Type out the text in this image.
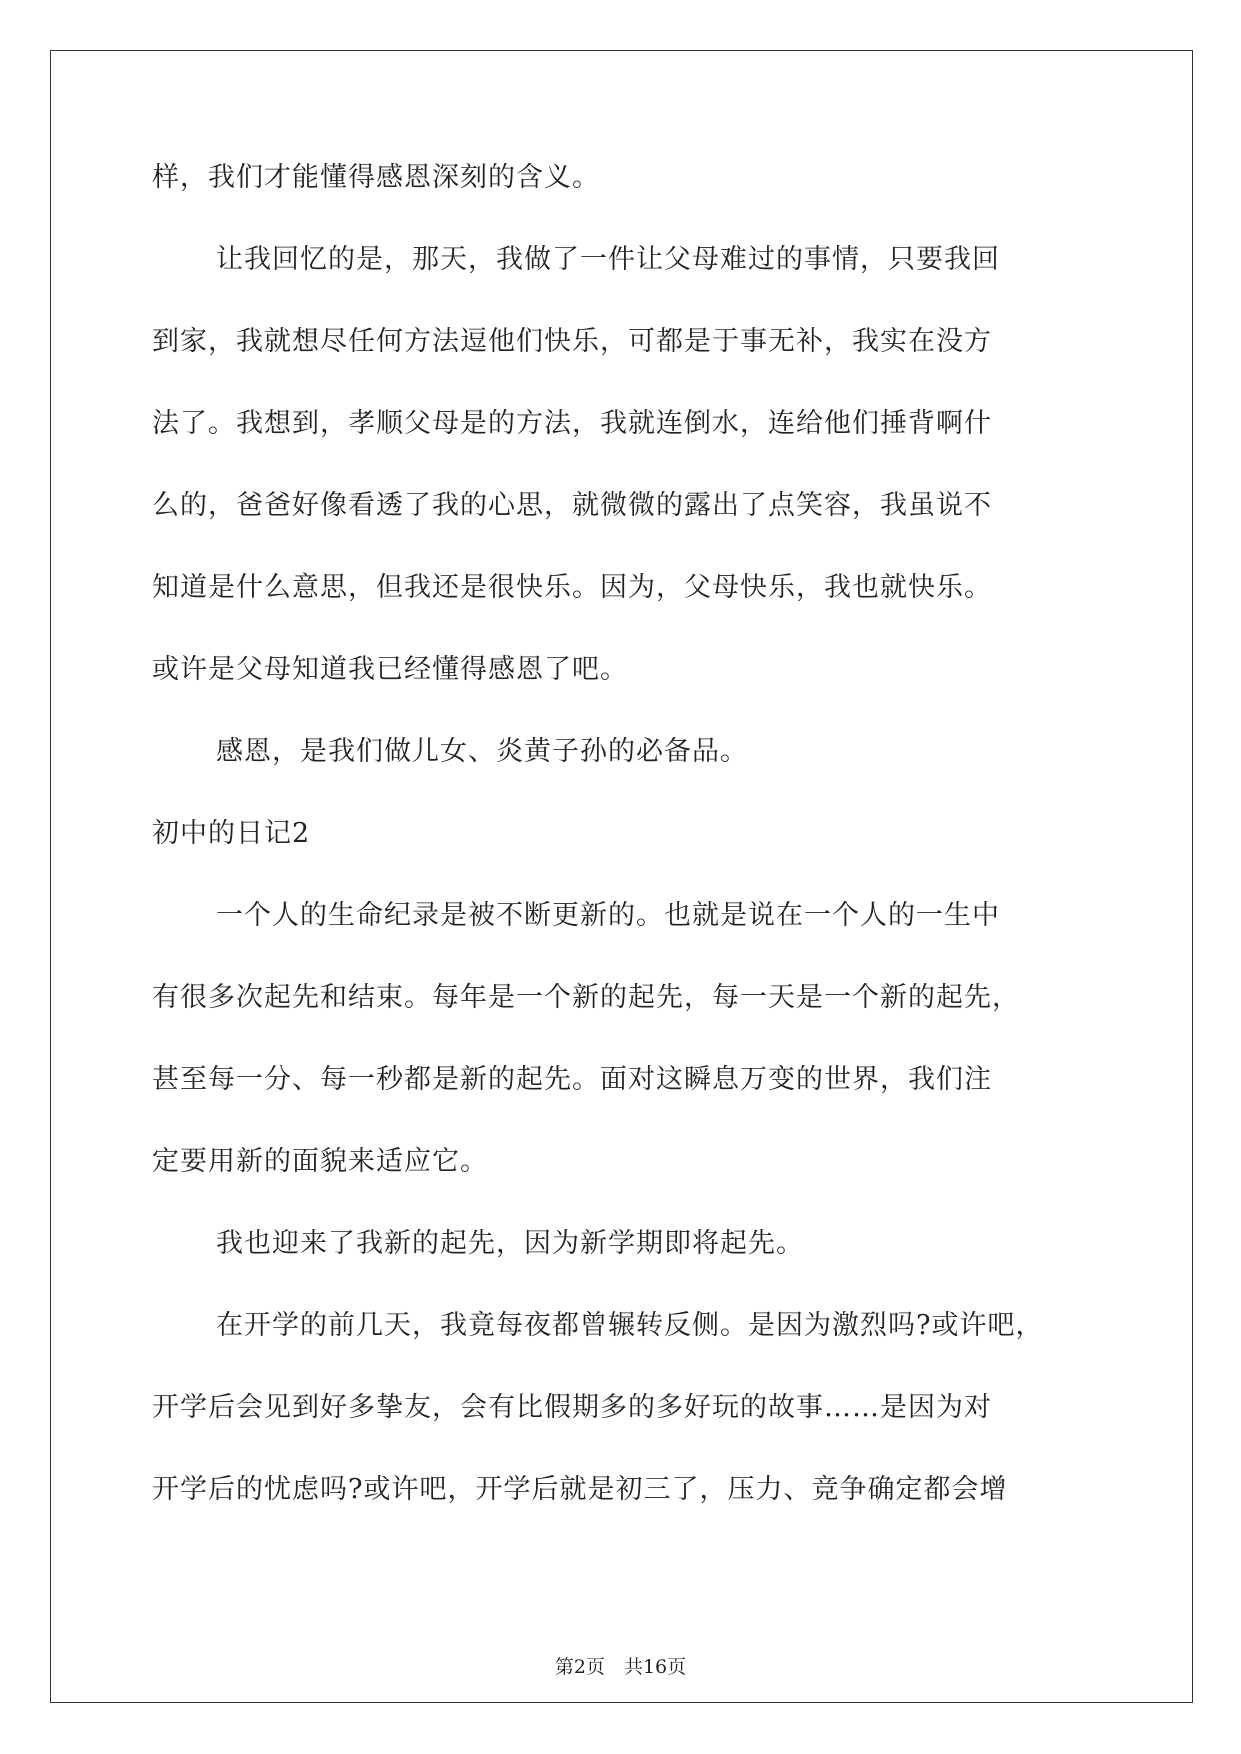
样，我们才能懂得感恩深刻的含义。
让我回忆的是，那天，我做了一件让父母难过的事情，只要我回
到家，我就想尽任何方法逗他们快乐，可都是于事无补，我实在没方
法了。我想到，孝顺父母是的方法，我就连倒水，连给他们捶背啊什
么的，爸爸好像看透了我的心思，就微微的露出了点笑容，我虽说不
知道是什么意思，但我还是很快乐。因为，父母快乐，我也就快乐。
或许是父母知道我已经懂得感恩了吧。
感恩，是我们做儿女、炎黄子孙的必备品。
初中的日记2
一个人的生命纪录是被不断更新的。也就是说在一个人的一生中
有很多次起先和结束。每年是一个新的起先，每一天是一个新的起先，
甚至每一分、每一秒都是新的起先。面对这瞬息万变的世界，我们注
定要用新的面貌来适应它。
我也迎来了我新的起先，因为新学期即将起先。
在开学的前几天，我竟每夜都曾辗转反侧。是因为激烈吗?或许吧，
开学后会见到好多挚友，会有比假期多的多好玩的故事……是因为对
开学后的忧虑吗?或许吧，开学后就是初三了，压力、竞争确定都会增
第2页　共16页
